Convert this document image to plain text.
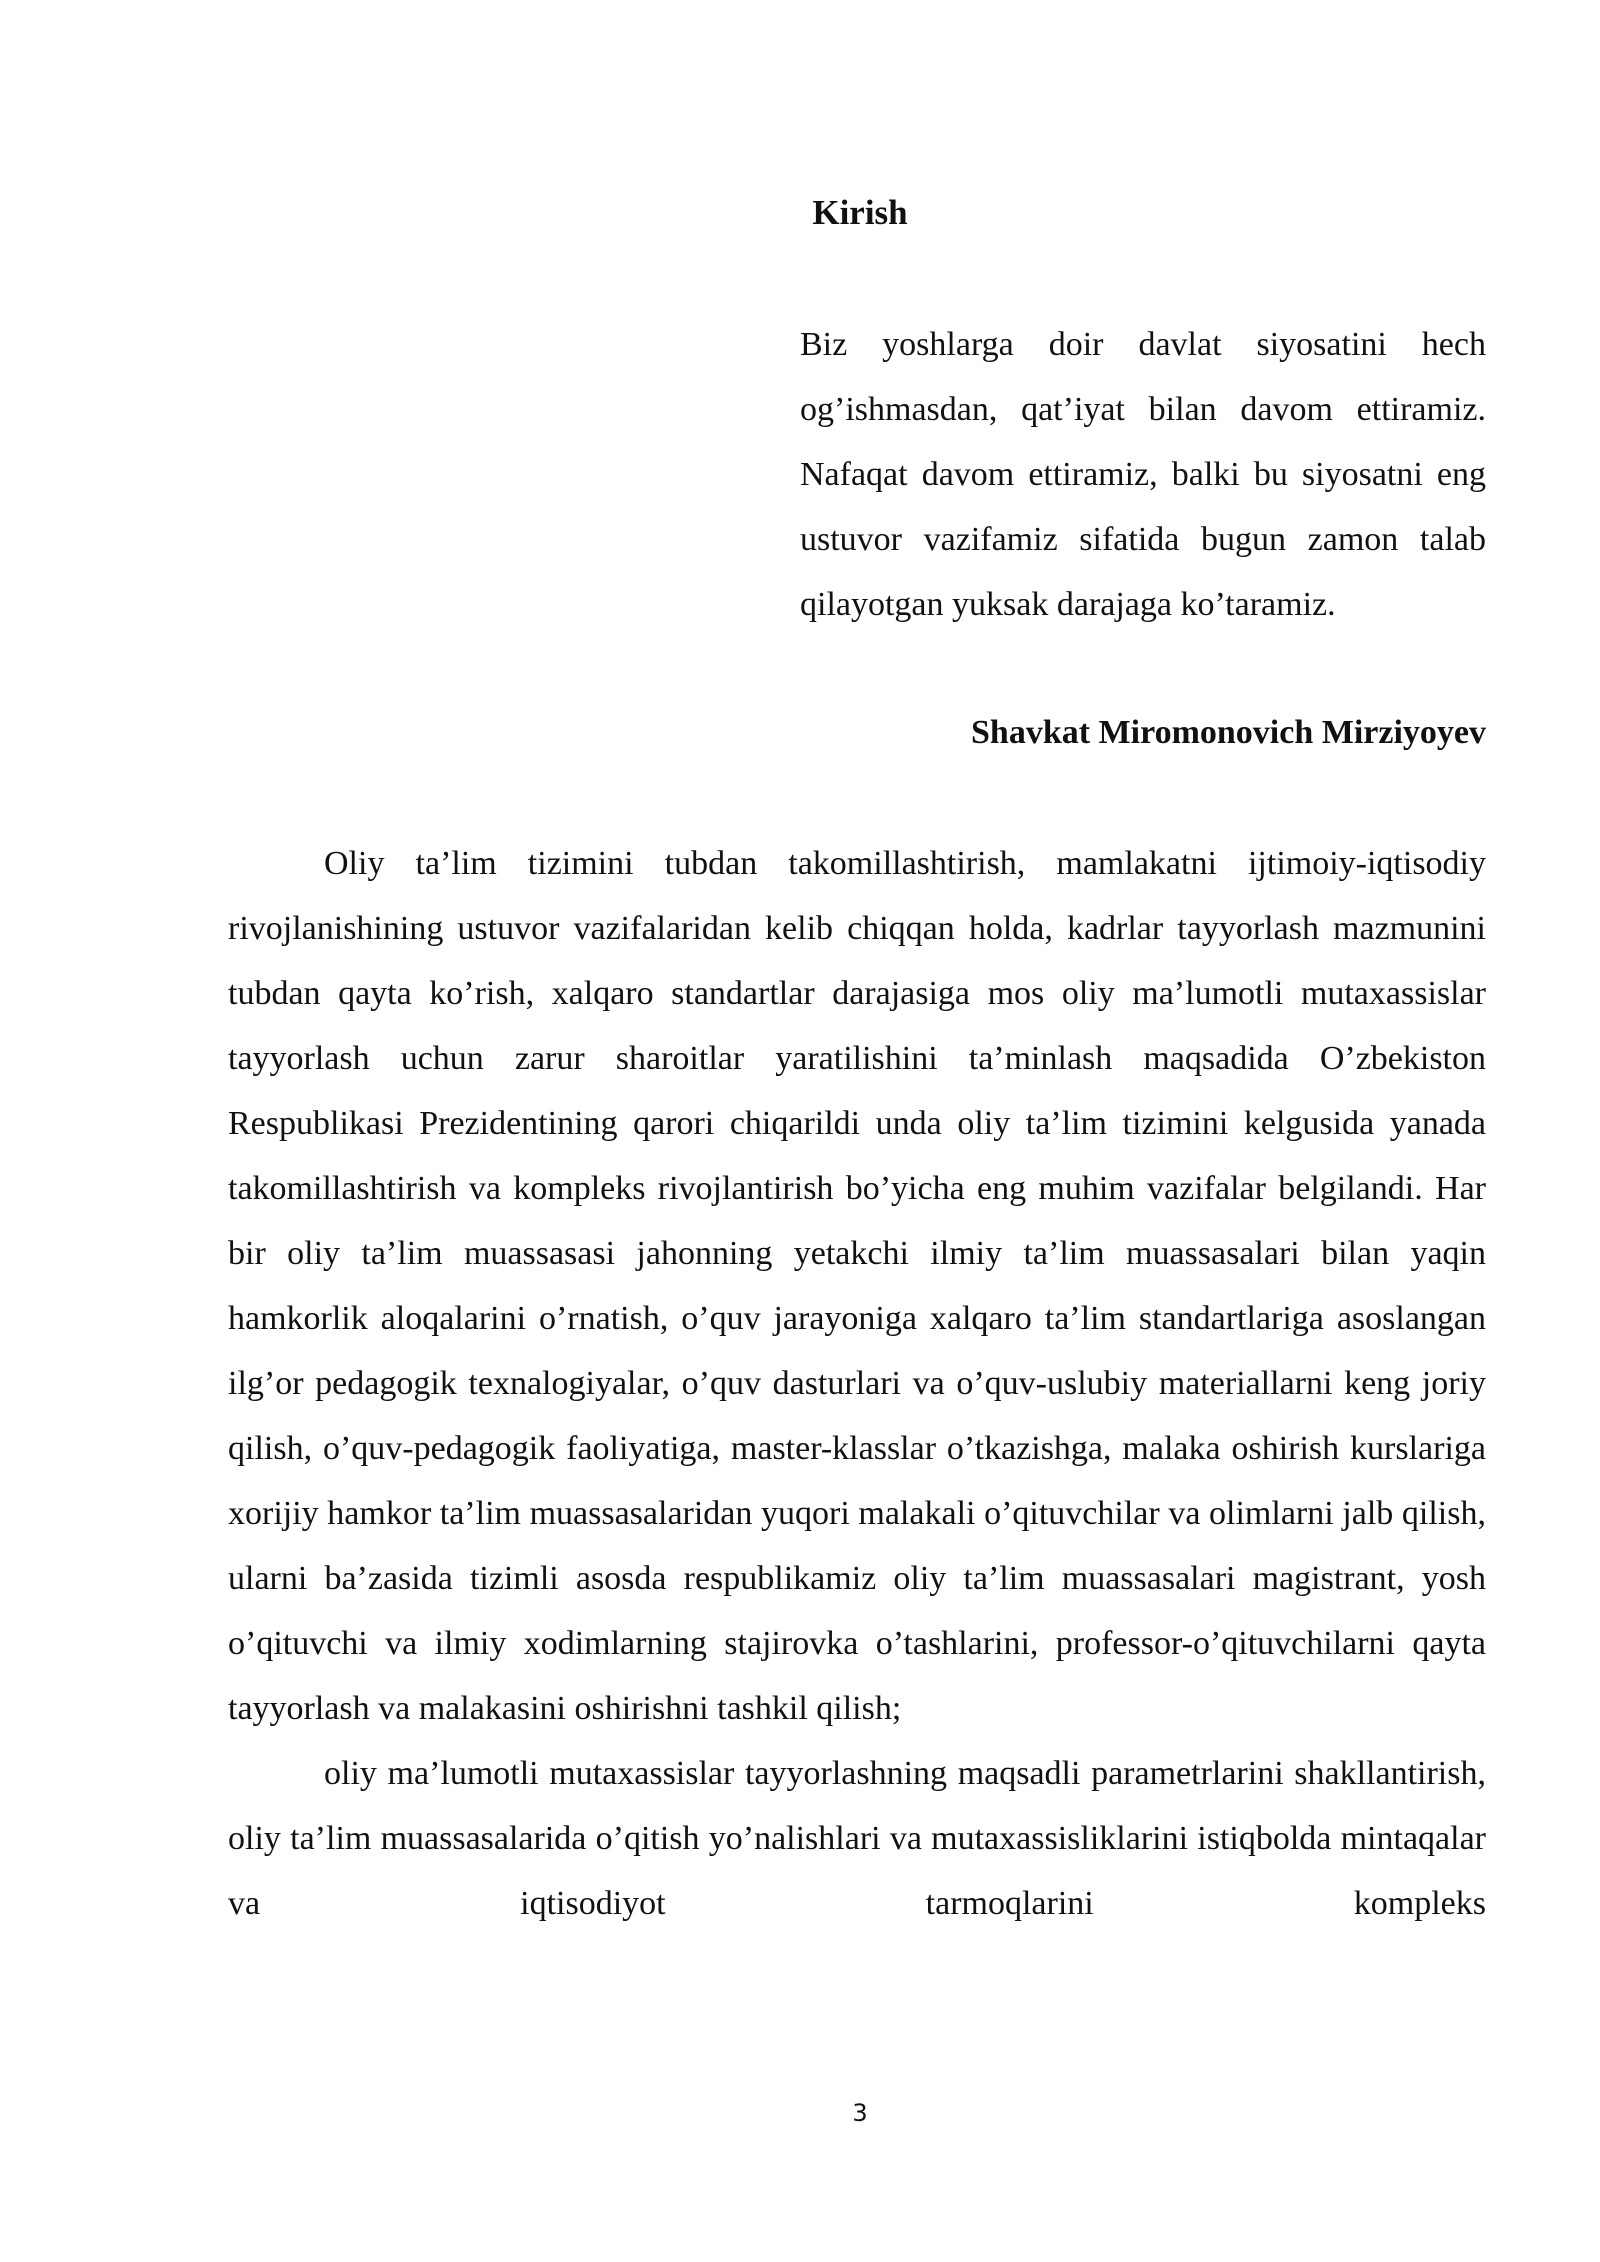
Kirish

Biz yoshlarga doir davlat siyosatini hech og’ishmasdan, qat’iyat bilan davom ettiramiz.

Nafaqat davom ettiramiz, balki bu siyosatni eng ustuvor vazifamiz sifatida bugun zamon talab qilayotgan yuksak darajaga ko’taramiz.

Shavkat Miromonovich Mirziyoyev

Oliy ta’lim tizimini tubdan takomillashtirish, mamlakatni ijtimoiy-iqtisodiy rivojlanishining ustuvor vazifalaridan kelib chiqqan holda, kadrlar tayyorlash mazmunini tubdan qayta ko’rish, xalqaro standartlar darajasiga mos oliy ma’lumotli mutaxassislar tayyorlash uchun zarur sharoitlar yaratilishini ta’minlash maqsadida O’zbekiston Respublikasi Prezidentining qarori chiqarildi unda oliy ta’lim tizimini kelgusida yanada takomillashtirish va kompleks rivojlantirish bo’yicha eng muhim vazifalar belgilandi. Har bir oliy ta’lim muassasasi jahonning yetakchi ilmiy ta’lim muassasalari bilan yaqin hamkorlik aloqalarini o’rnatish, o’quv jarayoniga xalqaro ta’lim standartlariga asoslangan ilg’or pedagogik texnalogiyalar, o’quv dasturlari va o’quv-uslubiy materiallarni keng joriy qilish, o’quv-pedagogik faoliyatiga, master-klasslar o’tkazishga, malaka oshirish kurslariga xorijiy hamkor ta’lim muassasalaridan yuqori malakali o’qituvchilar va olimlarni jalb qilish, ularni ba’zasida tizimli asosda respublikamiz oliy ta’lim muassasalari magistrant, yosh o’qituvchi va ilmiy xodimlarning stajirovka o’tashlarini, professor-o’qituvchilarni qayta tayyorlash va malakasini oshirishni tashkil qilish;

oliy ma’lumotli mutaxassislar tayyorlashning maqsadli parametrlarini shakllantirish, oliy ta’lim muassasalarida o’qitish yo’nalishlari va mutaxassisliklarini istiqbolda mintaqalar va iqtisodiyot tarmoqlarini kompleks

3
